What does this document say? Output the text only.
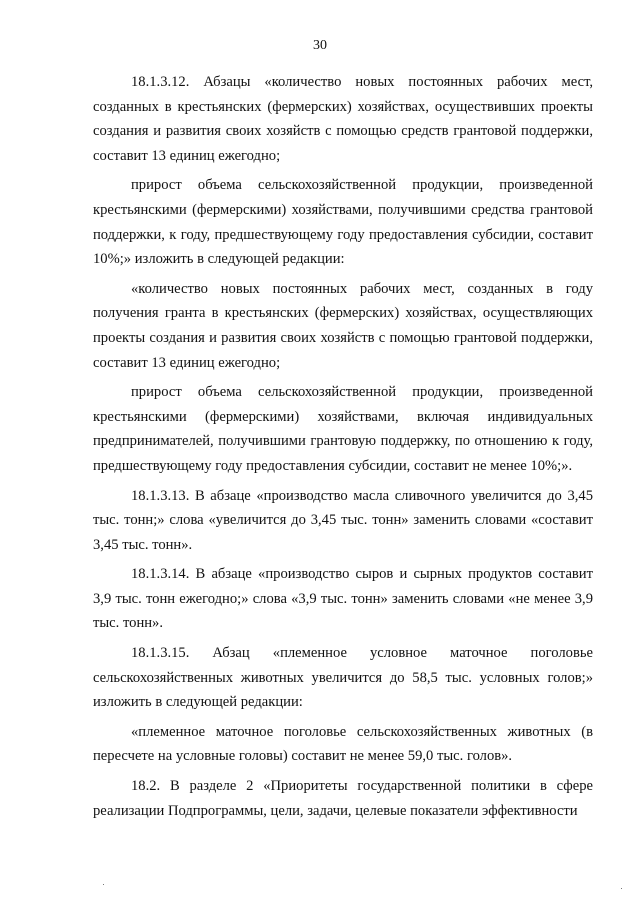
30

18.1.3.12. Абзацы «количество новых постоянных рабочих мест, созданных в крестьянских (фермерских) хозяйствах, осуществивших проекты создания и развития своих хозяйств с помощью средств грантовой поддержки, составит 13 единиц ежегодно;

прирост объема сельскохозяйственной продукции, произведенной крестьянскими (фермерскими) хозяйствами, получившими средства грантовой поддержки, к году, предшествующему году предоставления субсидии, составит 10%;» изложить в следующей редакции:

«количество новых постоянных рабочих мест, созданных в году получения гранта в крестьянских (фермерских) хозяйствах, осуществляющих проекты создания и развития своих хозяйств с помощью грантовой поддержки, составит 13 единиц ежегодно;

прирост объема сельскохозяйственной продукции, произведенной крестьянскими (фермерскими) хозяйствами, включая индивидуальных предпринимателей, получившими грантовую поддержку, по отношению к году, предшествующему году предоставления субсидии, составит не менее 10%;».

18.1.3.13. В абзаце «производство масла сливочного увеличится до 3,45 тыс. тонн;» слова «увеличится до 3,45 тыс. тонн» заменить словами «составит 3,45 тыс. тонн».

18.1.3.14. В абзаце «производство сыров и сырных продуктов составит 3,9 тыс. тонн ежегодно;» слова «3,9 тыс. тонн» заменить словами «не менее 3,9 тыс. тонн».

18.1.3.15. Абзац «племенное условное маточное поголовье сельскохозяйственных животных увеличится до 58,5 тыс. условных голов;» изложить в следующей редакции:

«племенное маточное поголовье сельскохозяйственных животных (в пересчете на условные головы) составит не менее 59,0 тыс. голов».

18.2. В разделе 2 «Приоритеты государственной политики в сфере реализации Подпрограммы, цели, задачи, целевые показатели эффективности
